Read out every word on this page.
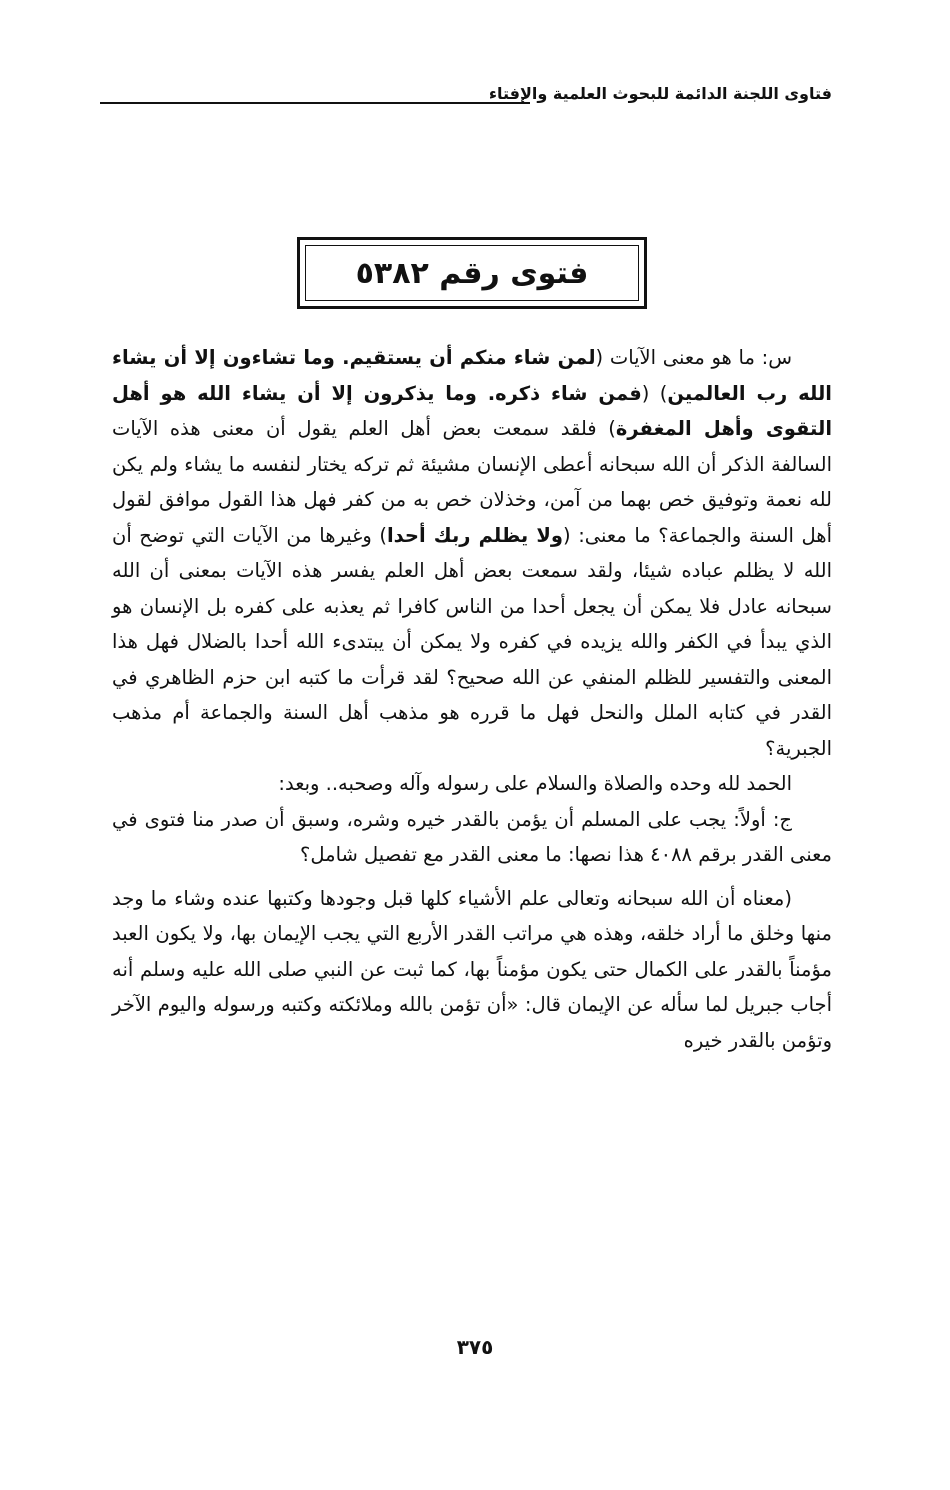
فتاوى اللجنة الدائمة للبحوث العلمية والإفتاء
فتوى رقم ٥٣٨٢

س: ما هو معنى الآيات (لمن شاء منكم أن يستقيم. وما تشاءون إلا أن يشاء الله رب العالمين) (فمن شاء ذكره. وما يذكرون إلا أن يشاء الله هو أهل التقوى وأهل المغفرة) فلقد سمعت بعض أهل العلم يقول أن معنى هذه الآيات السالفة الذكر أن الله سبحانه أعطى الإنسان مشيئة ثم تركه يختار لنفسه ما يشاء ولم يكن لله نعمة وتوفيق خص بهما من آمن، وخذلان خص به من كفر فهل هذا القول موافق لقول أهل السنة والجماعة؟ ما معنى: (ولا يظلم ربك أحدا) وغيرها من الآيات التي توضح أن الله لا يظلم عباده شيئا، ولقد سمعت بعض أهل العلم يفسر هذه الآيات بمعنى أن الله سبحانه عادل فلا يمكن أن يجعل أحدا من الناس كافرا ثم يعذبه على كفره بل الإنسان هو الذي يبدأ في الكفر والله يزيده في كفره ولا يمكن أن يبتدىء الله أحدا بالضلال فهل هذا المعنى والتفسير للظلم المنفي عن الله صحيح؟ لقد قرأت ما كتبه ابن حزم الظاهري في القدر في كتابه الملل والنحل فهل ما قرره هو مذهب أهل السنة والجماعة أم مذهب الجبرية؟

الحمد لله وحده والصلاة والسلام على رسوله وآله وصحبه.. وبعد:

ج: أولاً: يجب على المسلم أن يؤمن بالقدر خيره وشره، وسبق أن صدر منا فتوى في معنى القدر برقم ٤٠٨٨ هذا نصها: ما معنى القدر مع تفصيل شامل؟

(معناه أن الله سبحانه وتعالى علم الأشياء كلها قبل وجودها وكتبها عنده وشاء ما وجد منها وخلق ما أراد خلقه، وهذه هي مراتب القدر الأربع التي يجب الإيمان بها، ولا يكون العبد مؤمناً بالقدر على الكمال حتى يكون مؤمناً بها، كما ثبت عن النبي صلى الله عليه وسلم أنه أجاب جبريل لما سأله عن الإيمان قال: «أن تؤمن بالله وملائكته وكتبه ورسوله واليوم الآخر وتؤمن بالقدر خيره

٣٧٥
